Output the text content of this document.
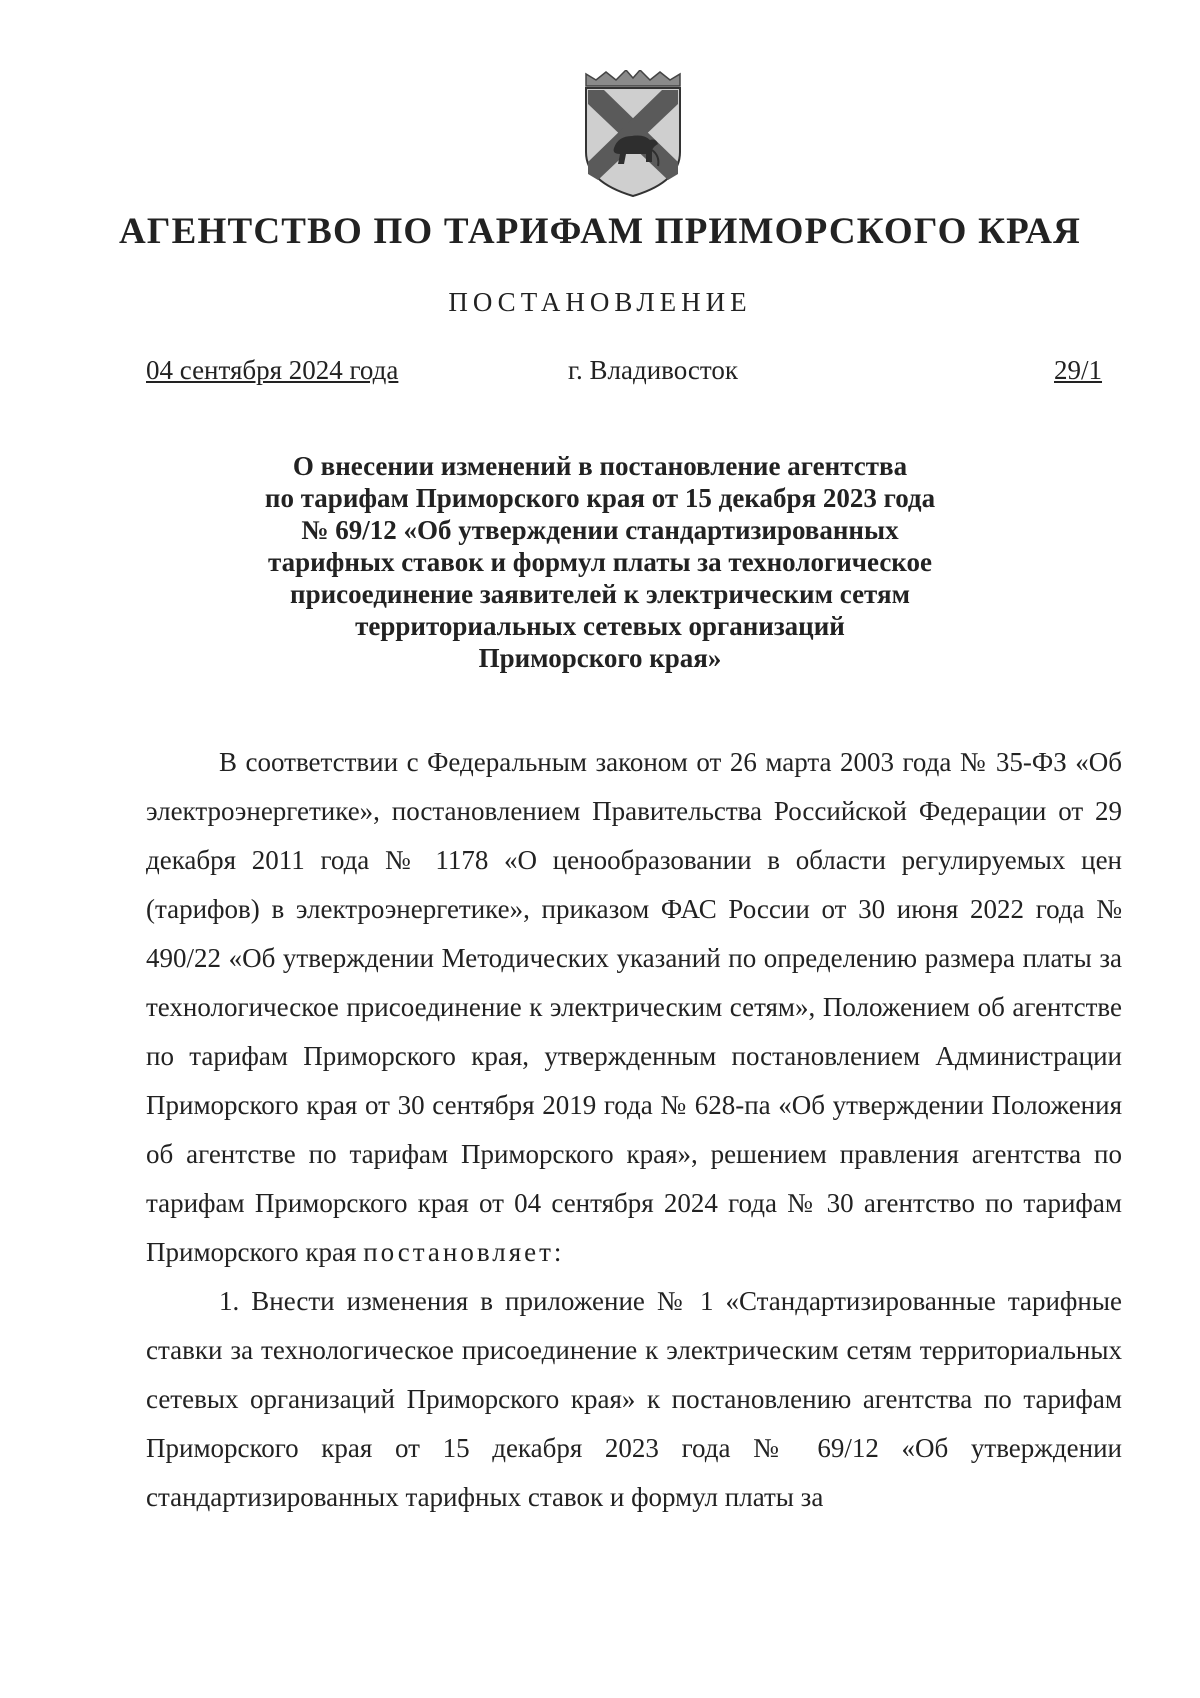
АГЕНТСТВО ПО ТАРИФАМ ПРИМОРСКОГО КРАЯ
ПОСТАНОВЛЕНИЕ
04 сентября 2024 года	г. Владивосток	29/1
О внесении изменений в постановление агентства
по тарифам Приморского края от 15 декабря 2023 года
№ 69/12 «Об утверждении стандартизированных
тарифных ставок и формул платы за технологическое
присоединение заявителей к электрическим сетям
территориальных сетевых организаций
Приморского края»

В соответствии с Федеральным законом от 26 марта 2003 года № 35-ФЗ «Об электроэнергетике», постановлением Правительства Российской Федерации от 29 декабря 2011 года № 1178 «О ценообразовании в области регулируемых цен (тарифов) в электроэнергетике», приказом ФАС России от 30 июня 2022 года № 490/22 «Об утверждении Методических указаний по определению размера платы за технологическое присоединение к электрическим сетям», Положением об агентстве по тарифам Приморского края, утвержденным постановлением Администрации Приморского края от 30 сентября 2019 года № 628-па «Об утверждении Положения об агентстве по тарифам Приморского края», решением правления агентства по тарифам Приморского края от 04 сентября 2024 года № 30 агентство по тарифам Приморского края постановляет:

1. Внести изменения в приложение № 1 «Стандартизированные тарифные ставки за технологическое присоединение к электрическим сетям территориальных сетевых организаций Приморского края» к постановлению агентства по тарифам Приморского края от 15 декабря 2023 года № 69/12 «Об утверждении стандартизированных тарифных ставок и формул платы за
